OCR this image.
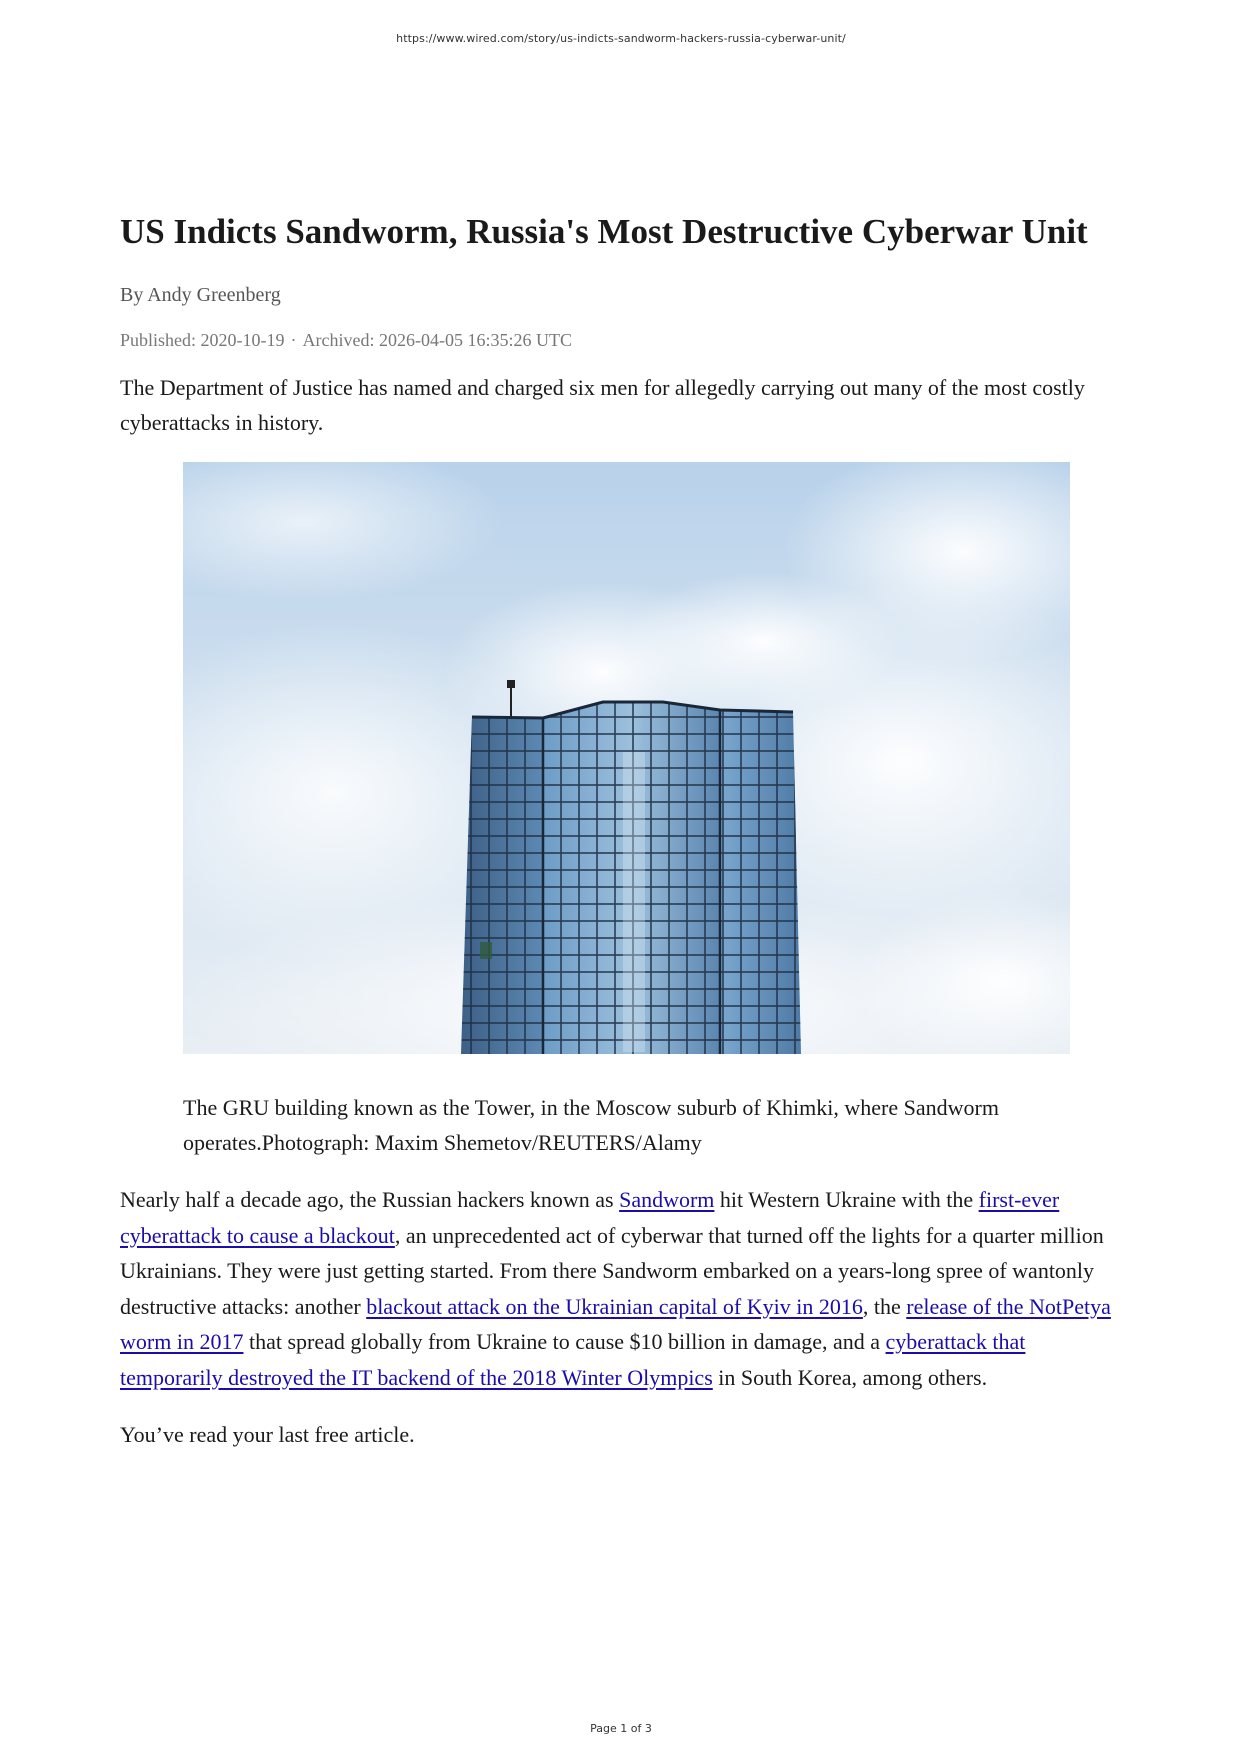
https://www.wired.com/story/us-indicts-sandworm-hackers-russia-cyberwar-unit/
US Indicts Sandworm, Russia's Most Destructive Cyberwar Unit
By Andy Greenberg
Published: 2020-10-19 · Archived: 2026-04-05 16:35:26 UTC
The Department of Justice has named and charged six men for allegedly carrying out many of the most costly cyberattacks in history.
The GRU building known as the Tower, in the Moscow suburb of Khimki, where Sandworm operates.Photograph: Maxim Shemetov/REUTERS/Alamy

Nearly half a decade ago, the Russian hackers known as Sandworm hit Western Ukraine with the first-ever cyberattack to cause a blackout, an unprecedented act of cyberwar that turned off the lights for a quarter million Ukrainians. They were just getting started. From there Sandworm embarked on a years-long spree of wantonly destructive attacks: another blackout attack on the Ukrainian capital of Kyiv in 2016, the release of the NotPetya worm in 2017 that spread globally from Ukraine to cause $10 billion in damage, and a cyberattack that temporarily destroyed the IT backend of the 2018 Winter Olympics in South Korea, among others.

You’ve read your last free article.
Page 1 of 3
